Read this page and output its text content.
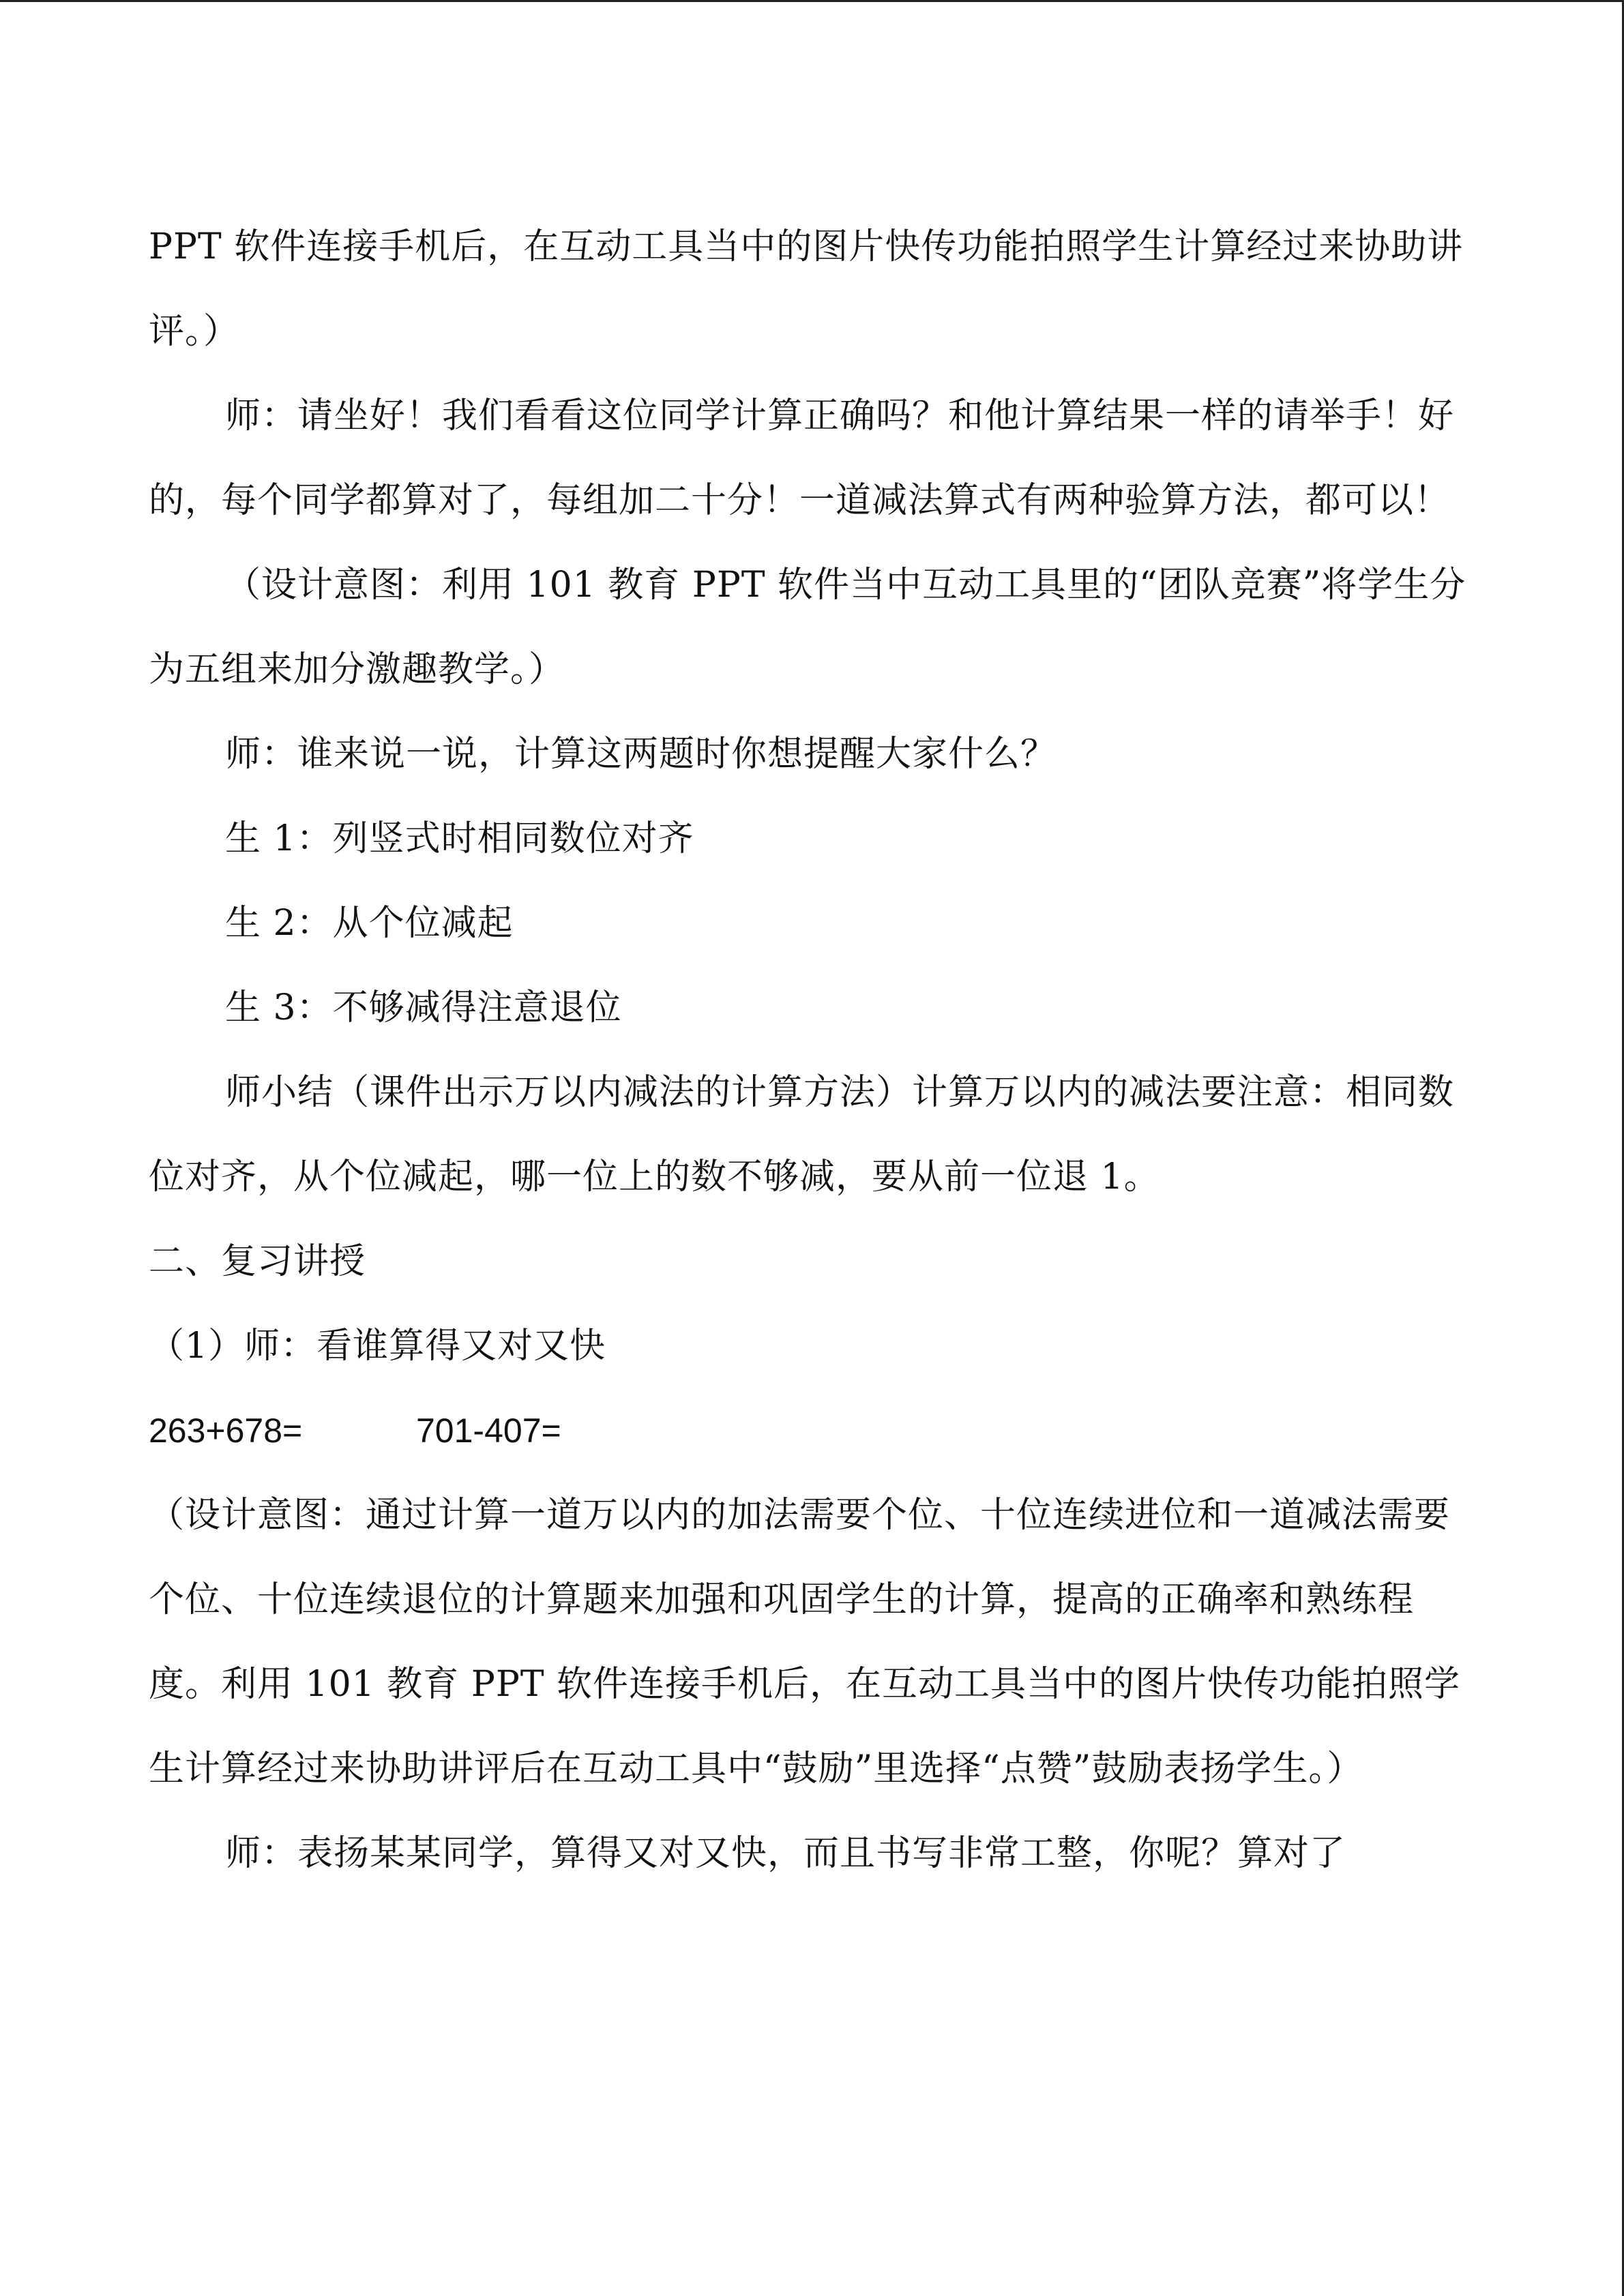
PPT 软件连接手机后，在互动工具当中的图片快传功能拍照学生计算经过来协助讲评。）

师：请坐好！我们看看这位同学计算正确吗？和他计算结果一样的请举手！好的，每个同学都算对了，每组加二十分！一道减法算式有两种验算方法，都可以！

（设计意图：利用 101 教育 PPT 软件当中互动工具里的“团队竞赛”将学生分为五组来加分激趣教学。）

师：谁来说一说，计算这两题时你想提醒大家什么？

生 1：列竖式时相同数位对齐

生 2：从个位减起

生 3：不够减得注意退位

师小结（课件出示万以内减法的计算方法）计算万以内的减法要注意：相同数位对齐，从个位减起，哪一位上的数不够减，要从前一位退 1。

二、复习讲授

（1）师：看谁算得又对又快

263+678=	701-407=

（设计意图：通过计算一道万以内的加法需要个位、十位连续进位和一道减法需要个位、十位连续退位的计算题来加强和巩固学生的计算，提高的正确率和熟练程度。利用 101 教育 PPT 软件连接手机后，在互动工具当中的图片快传功能拍照学生计算经过来协助讲评后在互动工具中“鼓励”里选择“点赞”鼓励表扬学生。）

师：表扬某某同学，算得又对又快，而且书写非常工整，你呢？算对了
